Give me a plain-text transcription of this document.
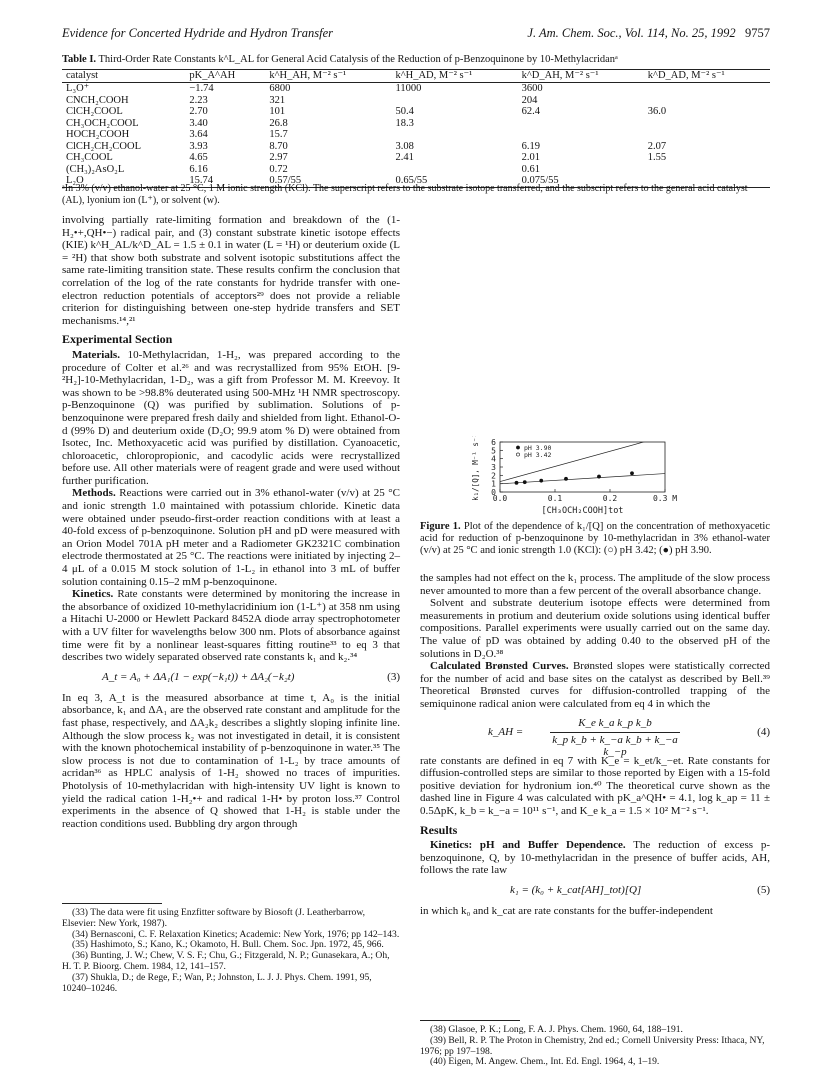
Evidence for Concerted Hydride and Hydron Transfer	J. Am. Chem. Soc., Vol. 114, No. 25, 1992 9757
Table I. Third-Order Rate Constants k^L_AL for General Acid Catalysis of the Reduction of p-Benzoquinone by 10-Methylacridanᵃ
catalyst	pK_A^AH	k^H_AH, M⁻² s⁻¹	k^H_AD, M⁻² s⁻¹	k^D_AH, M⁻² s⁻¹	k^D_AD, M⁻² s⁻¹
L₃O⁺	−1.74	6800	11000	3600	
CNCH₂COOH	2.23	321		204	
ClCH₂COOL	2.70	101	50.4	62.4	36.0
CH₃OCH₂COOL	3.40	26.8	18.3		
HOCH₂COOH	3.64	15.7			
ClCH₂CH₂COOL	3.93	8.70	3.08	6.19	2.07
CH₃COOL	4.65	2.97	2.41	2.01	1.55
(CH₃)₂AsO₂L	6.16	0.72		0.61	
L₂O	15.74	0.57/55	0.65/55	0.075/55	
ᵃIn 3% (v/v) ethanol-water at 25 °C, 1 M ionic strength (KCl). The superscript refers to the substrate isotope transferred, and the subscript refers to the general acid catalyst (AL), lyonium ion (L⁺), or solvent (w).

involving partially rate-limiting formation and breakdown of the (1-H₂•+,QH•−) radical pair, and (3) constant substrate kinetic isotope effects (KIE) k^H_AL/k^D_AL = 1.5 ± 0.1 in water (L = ¹H) or deuterium oxide (L = ²H) that show both substrate and solvent isotopic substitutions affect the same rate-limiting transition state. These results confirm the conclusion that correlation of the log of the rate constants for hydride transfer with one-electron reduction potentials of acceptors²⁹ does not provide a reliable criterion for distinguishing between one-step hydride transfers and SET mechanisms.¹⁴,²¹

Experimental Section

Materials. 10-Methylacridan, 1-H₂, was prepared according to the procedure of Colter et al.²⁶ and was recrystallized from 95% EtOH. [9-²H₂]-10-Methylacridan, 1-D₂, was a gift from Professor M. M. Kreevoy. It was shown to be >98.8% deuterated using 500-MHz ¹H NMR spectroscopy. p-Benzoquinone (Q) was purified by sublimation. Solutions of p-benzoquinone were prepared fresh daily and shielded from light. Ethanol-O-d (99% D) and deuterium oxide (D₂O; 99.9 atom % D) were obtained from Isotec, Inc. Methoxyacetic acid was purified by distillation. Cyanoacetic, chloroacetic, chloropropionic, and cacodylic acids were recrystallized before use. All other materials were of reagent grade and were used without further purification.

Methods. Reactions were carried out in 3% ethanol-water (v/v) at 25 °C and ionic strength 1.0 maintained with potassium chloride. Kinetic data were obtained under pseudo-first-order reaction conditions with at least a 40-fold excess of p-benzoquinone. Solution pH and pD were measured with an Orion Model 701A pH meter and a Radiometer GK2321C combination electrode thermostated at 25 °C. The reactions were initiated by injecting 2–4 μL of a 0.015 M stock solution of 1-L₂ in ethanol into 3 mL of buffer solution containing 0.15–2 mM p-benzoquinone.

Kinetics. Rate constants were determined by monitoring the increase in the absorbance of oxidized 10-methylacridinium ion (1-L⁺) at 358 nm using a Hitachi U-2000 or Hewlett Packard 8452A diode array spectrophotometer with a UV filter for wavelengths below 300 nm. Plots of absorbance against time were fit by a nonlinear least-squares fitting routine³³ to eq 3 that describes two widely separated observed rate constants k₁ and k₂.³⁴

A_t = A₀ + ΔA₁(1 − exp(−k₁t)) + ΔA₂(−k₂t)	(3)

In eq 3, A_t is the measured absorbance at time t, A₀ is the initial absorbance, k₁ and ΔA₁ are the observed rate constant and amplitude for the fast phase, respectively, and ΔA₂k₂ describes a slightly sloping infinite line. Although the slow process k₂ was not investigated in detail, it is consistent with the known photochemical instability of p-benzoquinone in water.³⁵ The slow process is not due to contamination of 1-L₂ by trace amounts of acridan³⁶ as HPLC analysis of 1-H₂ showed no traces of impurities. Photolysis of 10-methylacridan with high-intensity UV light is known to yield the radical cation 1-H₂•+ and radical 1-H• by proton loss.³⁷ Control experiments in the absence of Q showed that 1-H₂ is stable under the reaction conditions used. Bubbling dry argon through

(33) The data were fit using Enzfitter software by Biosoft (J. Leatherbarrow, Elsevier: New York, 1987).

(34) Bernasconi, C. F. Relaxation Kinetics; Academic: New York, 1976; pp 142–143.

(35) Hashimoto, S.; Kano, K.; Okamoto, H. Bull. Chem. Soc. Jpn. 1972, 45, 966.

(36) Bunting, J. W.; Chew, V. S. F.; Chu, G.; Fitzgerald, N. P.; Gunasekara, A.; Oh, H. T. P. Bioorg. Chem. 1984, 12, 141–157.

(37) Shukla, D.; de Rege, F.; Wan, P.; Johnston, L. J. J. Phys. Chem. 1991, 95, 10240–10246.

0
1
2
3
4
5
6
0.0	0.1	0.2	0.3 M
[CH₃OCH₂COOH]tot
k₁/[Q], M⁻¹ s⁻¹	pH 3.90
pH 3.42
Figure 1. Plot of the dependence of k₁/[Q] on the concentration of methoxyacetic acid for reduction of p-benzoquinone by 10-methylacridan in 3% ethanol-water (v/v) at 25 °C and ionic strength 1.0 (KCl): (○) pH 3.42; (●) pH 3.90.

the samples had not effect on the k₁ process. The amplitude of the slow process never amounted to more than a few percent of the overall absorbance change.

Solvent and substrate deuterium isotope effects were determined from measurements in protium and deuterium oxide solutions using identical buffer compositions. Parallel experiments were usually carried out on the same day. The value of pD was obtained by adding 0.40 to the observed pH of the solutions in D₂O.³⁸

Calculated Brønsted Curves. Brønsted slopes were statistically corrected for the number of acid and base sites on the catalyst as described by Bell.³⁹ Theoretical Brønsted curves for diffusion-controlled trapping of the semiquinone radical anion were calculated from eq 4 in which the

k_AH =
K_e k_a k_p k_b
k_p k_b + k_−a k_b + k_−a k_−p
(4)

rate constants are defined in eq 7 with K_e = k_et/k_−et. Rate constants for diffusion-controlled steps are similar to those reported by Eigen with a 15-fold positive deviation for hydronium ion.⁴⁰ The theoretical curve shown as the dashed line in Figure 4 was calculated with pK_a^QH• = 4.1, log k_ap = 11 ± 0.5ΔpK, k_b = k_−a = 10¹¹ s⁻¹, and K_e k_a = 1.5 × 10² M⁻² s⁻¹.

Results

Kinetics: pH and Buffer Dependence. The reduction of excess p-benzoquinone, Q, by 10-methylacridan in the presence of buffer acids, AH, follows the rate law

k₁ = (k₀ + k_cat[AH]_tot)[Q]	(5)

in which k₀ and k_cat are rate constants for the buffer-independent

(38) Glasoe, P. K.; Long, F. A. J. Phys. Chem. 1960, 64, 188–191.

(39) Bell, R. P. The Proton in Chemistry, 2nd ed.; Cornell University Press: Ithaca, NY, 1976; pp 197–198.

(40) Eigen, M. Angew. Chem., Int. Ed. Engl. 1964, 4, 1–19.
